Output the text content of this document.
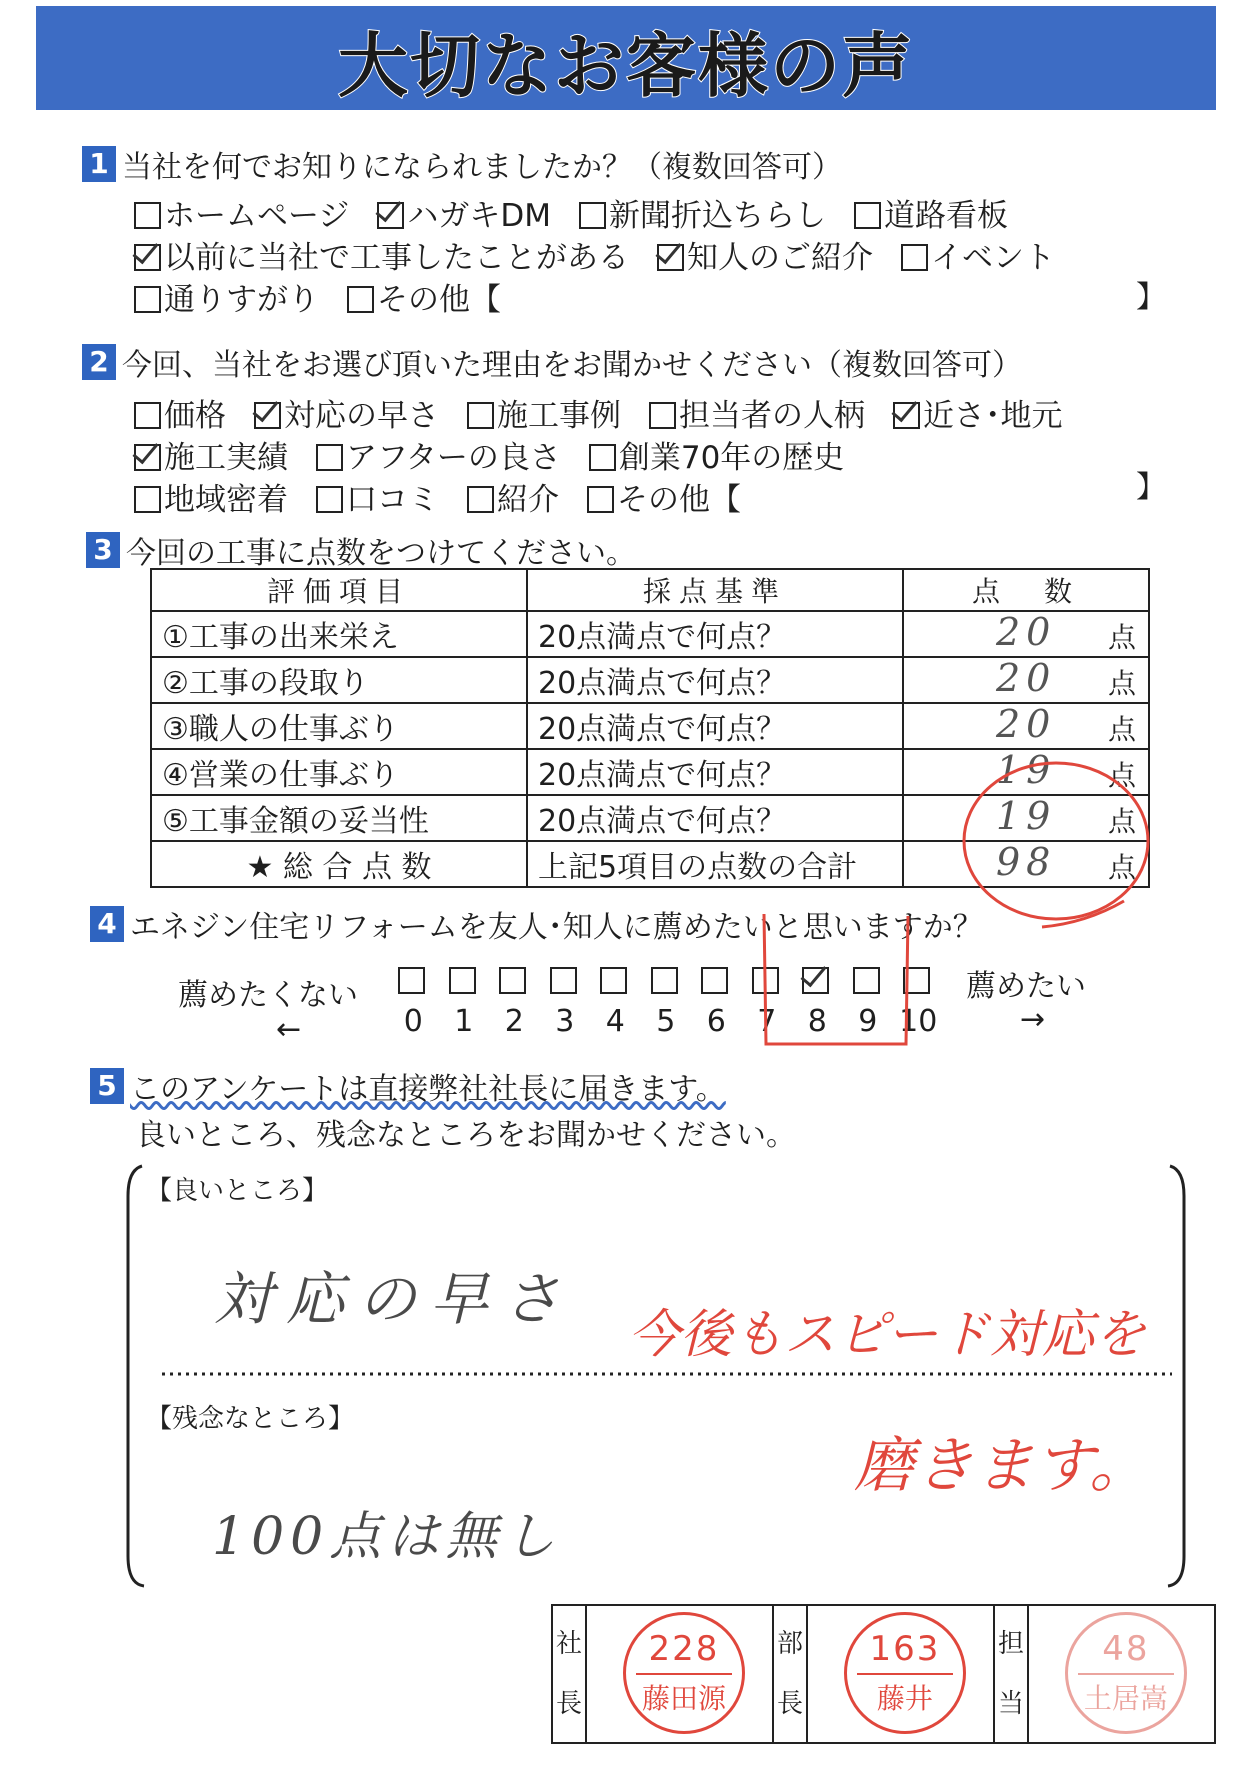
大切なお客様の声
1 当社を何でお知りになられましたか？（複数回答可）
ホームページ ハガキDM 新聞折込ちらし 道路看板
以前に当社で工事したことがある 知人のご紹介 イベント
通りすがり その他【	】
2 今回、当社をお選び頂いた理由をお聞かせください（複数回答可）
価格 対応の早さ 施工事例 担当者の人柄 近さ･地元
施工実績 アフターの良さ 創業70年の歴史
地域密着 口コミ 紹介 その他【	】
3 今回の工事に点数をつけてください。
評価項目	採点基準	点　数
①工事の出来栄え	20点満点で何点？	20 点

②工事の段取り	20点満点で何点？	20 点

③職人の仕事ぶり	20点満点で何点？	20 点

④営業の仕事ぶり	20点満点で何点？	19 点

⑤工事金額の妥当性	20点満点で何点？	19 点

★ 総 合 点 数	上記5項目の点数の合計	98 点
4 エネジン住宅リフォームを友人･知人に薦めたいと思いますか？
薦めたくない	薦めたい
←	→
0 1 2 3 4 5 6 7 8 9 10
5 このアンケートは直接弊社社長に届きます。
良いところ、残念なところをお聞かせください。
【良いところ】
対応の早さ
【残念なところ】
100点は無し
今後もスピード対応を
磨きます。
社長	
228
藤田源
	部長	
163
藤井
	担当	
48
土居嵩
